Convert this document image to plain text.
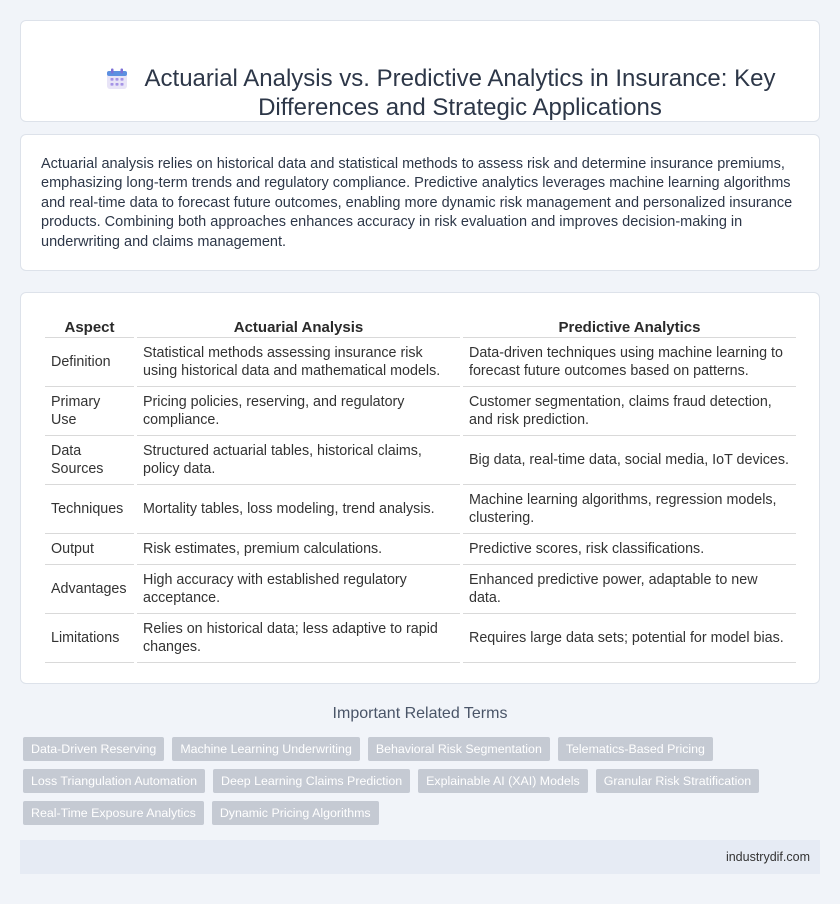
Actuarial Analysis vs. Predictive Analytics in Insurance: Key Differences and Strategic Applications

Actuarial analysis relies on historical data and statistical methods to assess risk and determine insurance premiums, emphasizing long-term trends and regulatory compliance. Predictive analytics leverages machine learning algorithms and real-time data to forecast future outcomes, enabling more dynamic risk management and personalized insurance products. Combining both approaches enhances accuracy in risk evaluation and improves decision-making in underwriting and claims management.

Aspect	Actuarial Analysis	Predictive Analytics
Definition	Statistical methods assessing insurance risk using historical data and mathematical models.	Data-driven techniques using machine learning to forecast future outcomes based on patterns.
Primary Use	Pricing policies, reserving, and regulatory compliance.	Customer segmentation, claims fraud detection, and risk prediction.
Data Sources	Structured actuarial tables, historical claims, policy data.	Big data, real-time data, social media, IoT devices.
Techniques	Mortality tables, loss modeling, trend analysis.	Machine learning algorithms, regression models, clustering.
Output	Risk estimates, premium calculations.	Predictive scores, risk classifications.
Advantages	High accuracy with established regulatory acceptance.	Enhanced predictive power, adaptable to new data.
Limitations	Relies on historical data; less adaptive to rapid changes.	Requires large data sets; potential for model bias.
Important Related Terms
Data-Driven Reserving	Machine Learning Underwriting	Behavioral Risk Segmentation	Telematics-Based Pricing
Loss Triangulation Automation	Deep Learning Claims Prediction	Explainable AI (XAI) Models	Granular Risk Stratification
Real-Time Exposure Analytics	Dynamic Pricing Algorithms
industrydif.com
